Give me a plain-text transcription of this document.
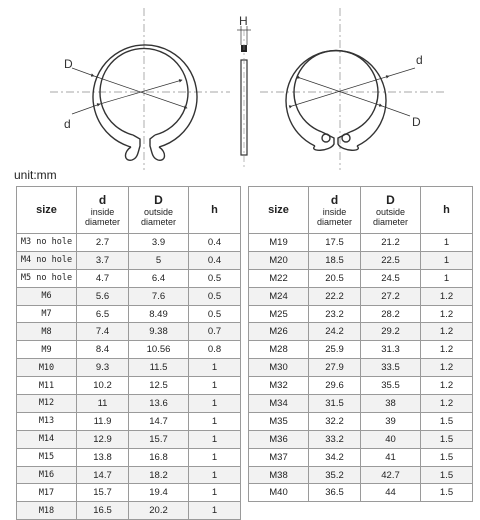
D
d
H
d
D
unit:mm
size	d
inside
diameter	D
outside
diameter	h
M3 no hole	2.7	3.9	0.4
M4 no hole	3.7	5	0.4
M5 no hole	4.7	6.4	0.5
M6	5.6	7.6	0.5
M7	6.5	8.49	0.5
M8	7.4	9.38	0.7
M9	8.4	10.56	0.8
M10	9.3	11.5	1
M11	10.2	12.5	1
M12	11	13.6	1
M13	11.9	14.7	1
M14	12.9	15.7	1
M15	13.8	16.8	1
M16	14.7	18.2	1
M17	15.7	19.4	1
M18	16.5	20.2	1
size	d
inside
diameter	D
outside
diameter	h
M19	17.5	21.2	1
M20	18.5	22.5	1
M22	20.5	24.5	1
M24	22.2	27.2	1.2
M25	23.2	28.2	1.2
M26	24.2	29.2	1.2
M28	25.9	31.3	1.2
M30	27.9	33.5	1.2
M32	29.6	35.5	1.2
M34	31.5	38	1.2
M35	32.2	39	1.5
M36	33.2	40	1.5
M37	34.2	41	1.5
M38	35.2	42.7	1.5
M40	36.5	44	1.5
